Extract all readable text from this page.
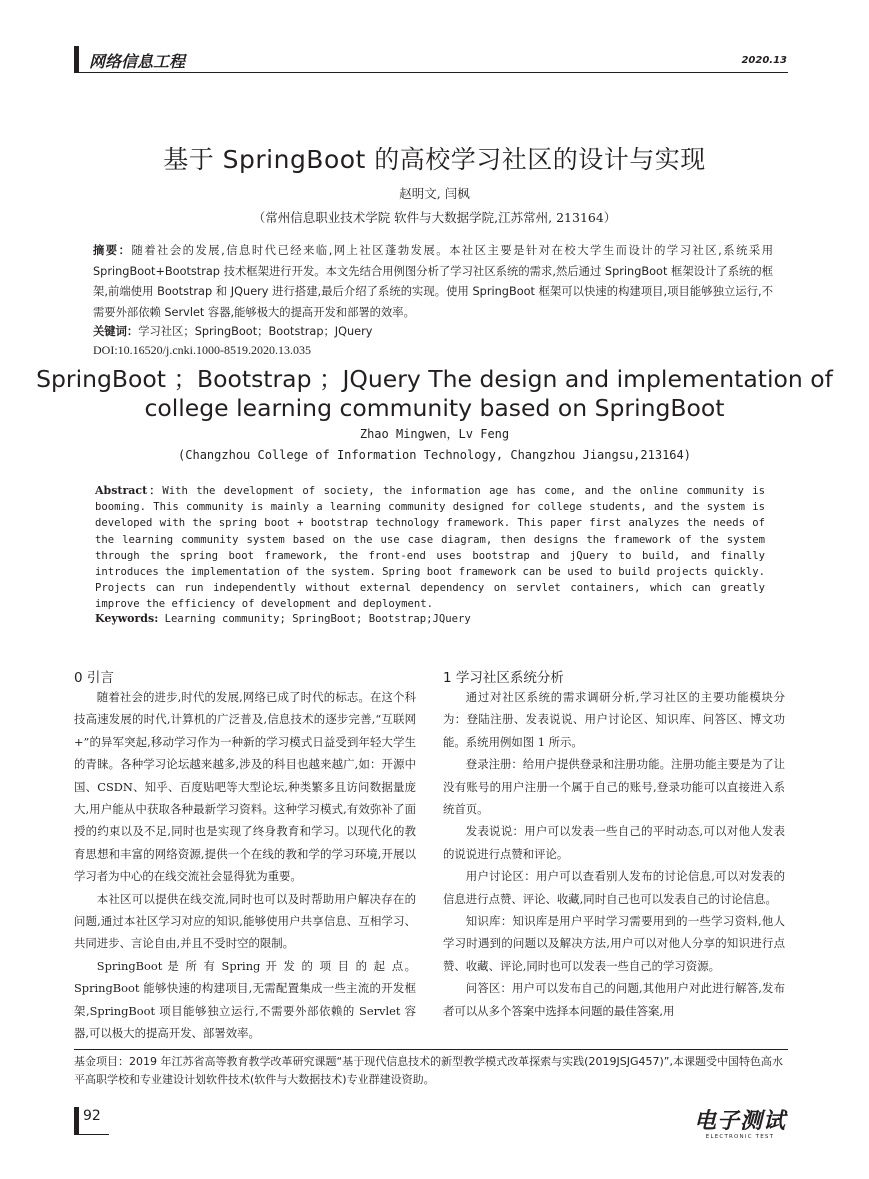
网络信息工程	2020.13
基于 SpringBoot 的高校学习社区的设计与实现
赵明文, 闫枫
（常州信息职业技术学院 软件与大数据学院,江苏常州, 213164）
摘要：随着社会的发展,信息时代已经来临,网上社区蓬勃发展。本社区主要是针对在校大学生而设计的学习社区,系统采用 SpringBoot+Bootstrap 技术框架进行开发。本文先结合用例图分析了学习社区系统的需求,然后通过 SpringBoot 框架设计了系统的框架,前端使用 Bootstrap 和 JQuery 进行搭建,最后介绍了系统的实现。使用 SpringBoot 框架可以快速的构建项目,项目能够独立运行,不需要外部依赖 Servlet 容器,能够极大的提高开发和部署的效率。
关键词：学习社区；SpringBoot；Bootstrap；JQuery
DOI:10.16520/j.cnki.1000-8519.2020.13.035
SpringBoot ；Bootstrap ；JQuery The design and implementation of college learning community based on SpringBoot
Zhao Mingwen，Lv Feng
(Changzhou College of Information Technology, Changzhou Jiangsu,213164)
Abstract：With the development of society, the information age has come, and the online community is booming. This community is mainly a learning community designed for college students, and the system is developed with the spring boot + bootstrap technology framework. This paper first analyzes the needs of the learning community system based on the use case diagram, then designs the framework of the system through the spring boot framework, the front-end uses bootstrap and jQuery to build, and finally introduces the implementation of the system. Spring boot framework can be used to build projects quickly. Projects can run independently without external dependency on servlet containers, which can greatly improve the efficiency of development and deployment.
Keywords: Learning community; SpringBoot; Bootstrap;JQuery
0 引言

随着社会的进步,时代的发展,网络已成了时代的标志。在这个科技高速发展的时代,计算机的广泛普及,信息技术的逐步完善,“互联网+”的异军突起,移动学习作为一种新的学习模式日益受到年轻大学生的青睐。各种学习论坛越来越多,涉及的科目也越来越广,如：开源中国、CSDN、知乎、百度贴吧等大型论坛,种类繁多且访问数据量庞大,用户能从中获取各种最新学习资料。这种学习模式,有效弥补了面授的约束以及不足,同时也是实现了终身教育和学习。以现代化的教育思想和丰富的网络资源,提供一个在线的教和学的学习环境,开展以学习者为中心的在线交流社会显得犹为重要。

本社区可以提供在线交流,同时也可以及时帮助用户解决存在的问题,通过本社区学习对应的知识,能够使用户共享信息、互相学习、共同进步、言论自由,并且不受时空的限制。

SpringBoot 是 所 有 Spring 开 发 的 项 目 的 起 点。SpringBoot 能够快速的构建项目,无需配置集成一些主流的开发框架,SpringBoot 项目能够独立运行,不需要外部依赖的 Servlet 容器,可以极大的提高开发、部署效率。

1 学习社区系统分析

通过对社区系统的需求调研分析,学习社区的主要功能模块分为：登陆注册、发表说说、用户讨论区、知识库、问答区、博文功能。系统用例如图 1 所示。

登录注册：给用户提供登录和注册功能。注册功能主要是为了让没有账号的用户注册一个属于自己的账号,登录功能可以直接进入系统首页。

发表说说：用户可以发表一些自己的平时动态,可以对他人发表的说说进行点赞和评论。

用户讨论区：用户可以查看别人发布的讨论信息,可以对发表的信息进行点赞、评论、收藏,同时自己也可以发表自己的讨论信息。

知识库：知识库是用户平时学习需要用到的一些学习资料,他人学习时遇到的问题以及解决方法,用户可以对他人分享的知识进行点赞、收藏、评论,同时也可以发表一些自己的学习资源。

问答区：用户可以发布自己的问题,其他用户对此进行解答,发布者可以从多个答案中选择本问题的最佳答案,用

基金项目：2019 年江苏省高等教育教学改革研究课题“基于现代信息技术的新型教学模式改革探索与实践(2019JSJG457)”,本课题受中国特色高水平高职学校和专业建设计划软件技术(软件与大数据技术)专业群建设资助。
92	电子测试
ELECTRONIC TEST
